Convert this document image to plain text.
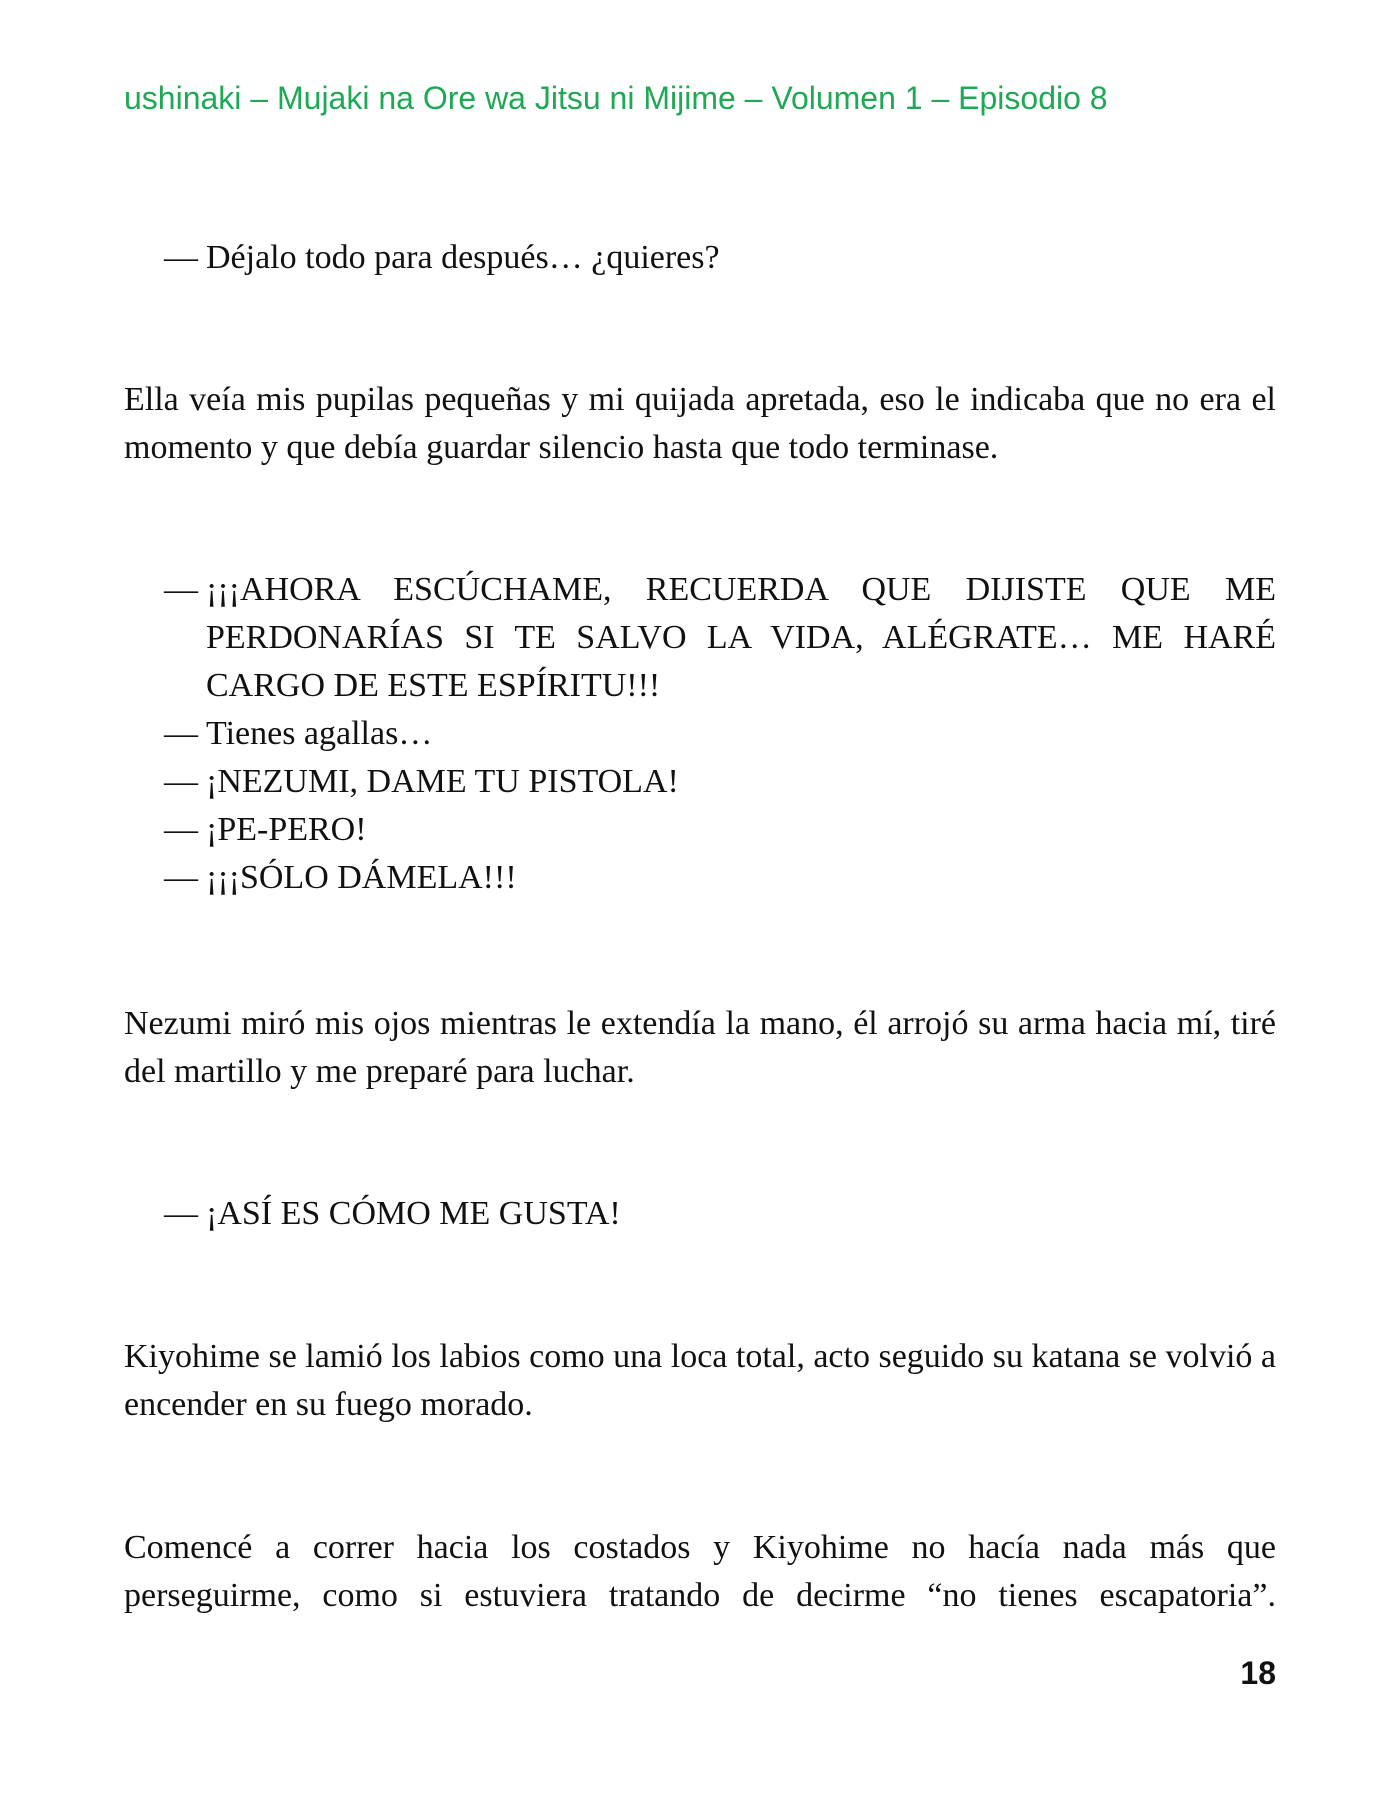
ushinaki – Mujaki na Ore wa Jitsu ni Mijime – Volumen 1 – Episodio 8
— Déjalo todo para después… ¿quieres?
Ella veía mis pupilas pequeñas y mi quijada apretada, eso le indicaba que no era el momento y que debía guardar silencio hasta que todo terminase.
— ¡¡¡AHORA ESCÚCHAME, RECUERDA QUE DIJISTE QUE ME PERDONARÍAS SI TE SALVO LA VIDA, ALÉGRATE… ME HARÉ CARGO DE ESTE ESPÍRITU!!!
— Tienes agallas…
— ¡NEZUMI, DAME TU PISTOLA!
— ¡PE-PERO!
— ¡¡¡SÓLO DÁMELA!!!
Nezumi miró mis ojos mientras le extendía la mano, él arrojó su arma hacia mí, tiré del martillo y me preparé para luchar.
— ¡ASÍ ES CÓMO ME GUSTA!
Kiyohime se lamió los labios como una loca total, acto seguido su katana se volvió a encender en su fuego morado.
Comencé a correr hacia los costados y Kiyohime no hacía nada más que perseguirme, como si estuviera tratando de decirme “no tienes escapatoria”.
18
